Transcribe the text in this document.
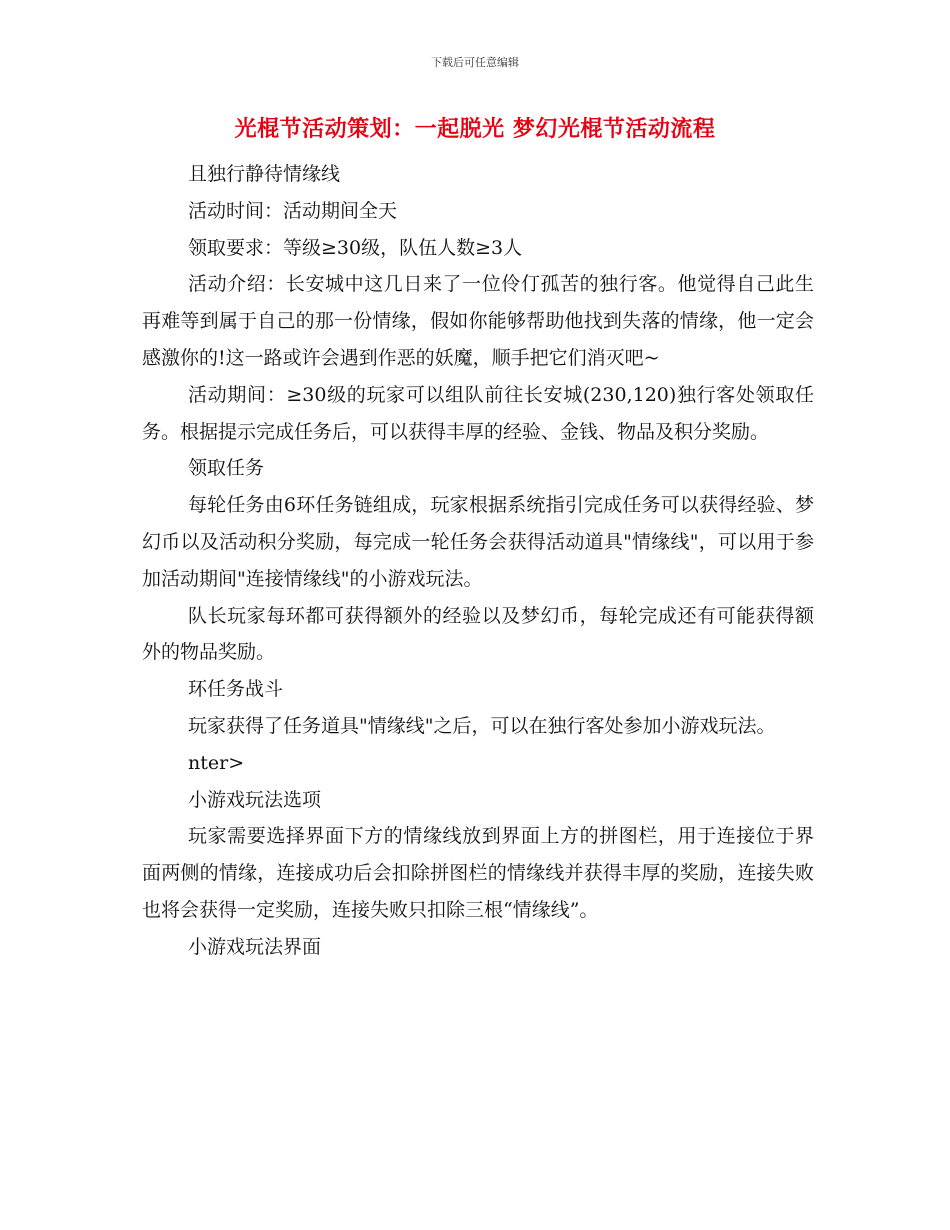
下载后可任意编辑
光棍节活动策划：一起脱光 梦幻光棍节活动流程

且独行静待情缘线

活动时间：活动期间全天

领取要求：等级≥30级，队伍人数≥3人

活动介绍：长安城中这几日来了一位伶仃孤苦的独行客。他觉得自己此生再难等到属于自己的那一份情缘，假如你能够帮助他找到失落的情缘，他一定会感激你的!这一路或许会遇到作恶的妖魔，顺手把它们消灭吧~

活动期间：≥30级的玩家可以组队前往长安城(230,120)独行客处领取任务。根据提示完成任务后，可以获得丰厚的经验、金钱、物品及积分奖励。

领取任务

每轮任务由6环任务链组成，玩家根据系统指引完成任务可以获得经验、梦幻币以及活动积分奖励，每完成一轮任务会获得活动道具"情缘线"，可以用于参加活动期间"连接情缘线"的小游戏玩法。

队长玩家每环都可获得额外的经验以及梦幻币，每轮完成还有可能获得额外的物品奖励。

环任务战斗

玩家获得了任务道具"情缘线"之后，可以在独行客处参加小游戏玩法。

nter>

小游戏玩法选项

玩家需要选择界面下方的情缘线放到界面上方的拼图栏，用于连接位于界面两侧的情缘，连接成功后会扣除拼图栏的情缘线并获得丰厚的奖励，连接失败也将会获得一定奖励，连接失败只扣除三根“情缘线”。

小游戏玩法界面
